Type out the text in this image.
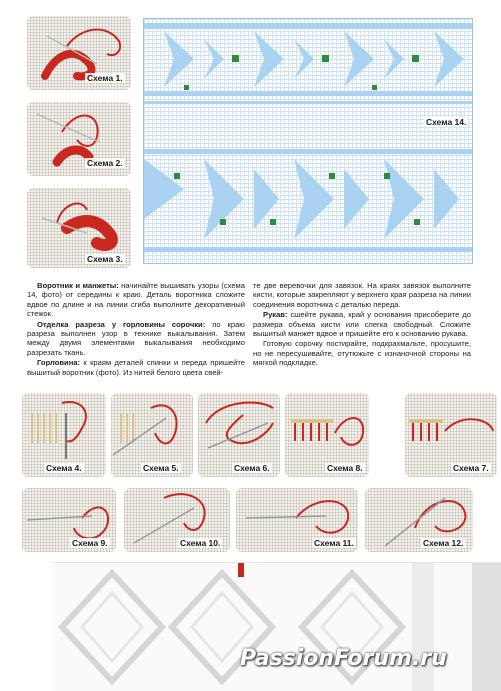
Схема 1.
Схема 2.
Схема 3.
Схема 14.

Воротник и манжеты: начинайте вышивать узоры (схема 14, фото) от середины к краю. Деталь воротника сложите вдвое по длине и на линии сгиба выполните декоративный стежок.

Отделка разреза у горловины сорочки: по краю разреза выполнен узор в технике выкалывания. Затем между двумя элементами выкалывания необходимо разрезать ткань.

Горловина: к краям деталей спинки и переда пришейте вышитый воротник (фото). Из нитей белого цвета свей-

те две веревочки для завязок. На краях завязок выполните кисти, которые закрепляют у верхнего края разреза на линии соединения воротника с деталью переда.

Рукав: сшейте рукава, край у основания присоберите до размера объема кисти или слегка свободный. Сложите вышитый манжет вдвое и пришейте его к основанию рукава.

Готовую сорочку постирайте, подкрахмальте, просушите, но не пересушивайте, отутюжьте с изнаночной стороны на мягкой подкладке.

Схема 4.	Схема 5.	Схема 6.	Схема 8.	Схема 7.
Схема 9.	Схема 10.	Схема 11.	Схема 12.
PassionForum.ru
